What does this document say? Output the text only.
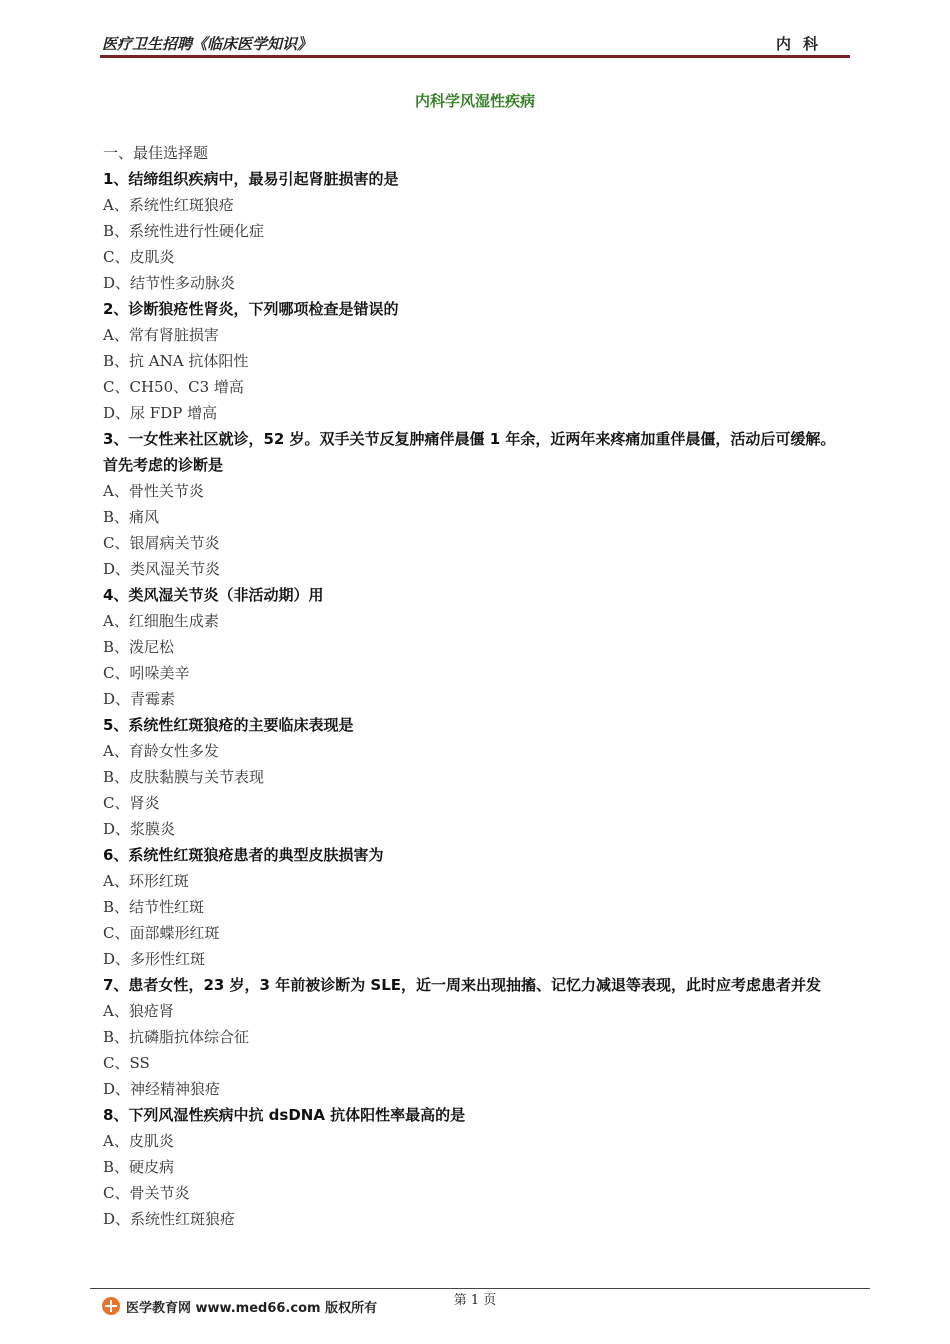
医疗卫生招聘《临床医学知识》	内科
内科学风湿性疾病
一、最佳选择题
1、结缔组织疾病中，最易引起肾脏损害的是
A、系统性红斑狼疮
B、系统性进行性硬化症
C、皮肌炎
D、结节性多动脉炎
2、诊断狼疮性肾炎，下列哪项检查是错误的
A、常有肾脏损害
B、抗 ANA 抗体阳性
C、CH50、C3 增高
D、尿 FDP 增高
3、一女性来社区就诊，52 岁。双手关节反复肿痛伴晨僵 1 年余，近两年来疼痛加重伴晨僵，活动后可缓解。
首先考虑的诊断是
A、骨性关节炎
B、痛风
C、银屑病关节炎
D、类风湿关节炎
4、类风湿关节炎（非活动期）用
A、红细胞生成素
B、泼尼松
C、吲哚美辛
D、青霉素
5、系统性红斑狼疮的主要临床表现是
A、育龄女性多发
B、皮肤黏膜与关节表现
C、肾炎
D、浆膜炎
6、系统性红斑狼疮患者的典型皮肤损害为
A、环形红斑
B、结节性红斑
C、面部蝶形红斑
D、多形性红斑
7、患者女性，23 岁，3 年前被诊断为 SLE，近一周来出现抽搐、记忆力减退等表现，此时应考虑患者并发
A、狼疮肾
B、抗磷脂抗体综合征
C、SS
D、神经精神狼疮
8、下列风湿性疾病中抗 dsDNA 抗体阳性率最高的是
A、皮肌炎
B、硬皮病
C、骨关节炎
D、系统性红斑狼疮
第 1 页
医学教育网 www.med66.com 版权所有
